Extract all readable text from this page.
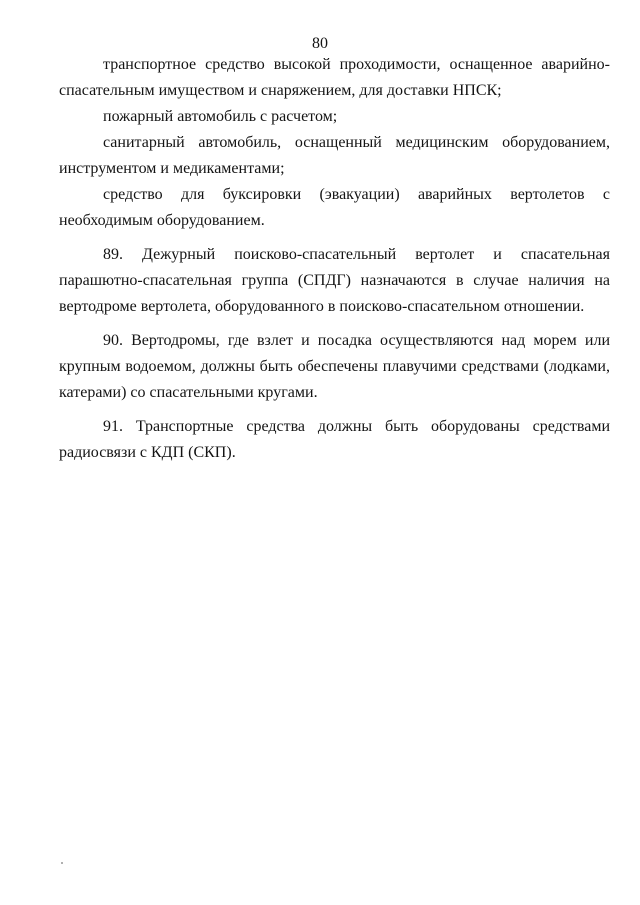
80

транспортное средство высокой проходимости, оснащенное аварийно-спасательным имуществом и снаряжением, для доставки НПСК;

пожарный автомобиль с расчетом;

санитарный автомобиль, оснащенный медицинским оборудованием, инструментом и медикаментами;

средство для буксировки (эвакуации) аварийных вертолетов с необходимым оборудованием.

89. Дежурный поисково-спасательный вертолет и спасательная парашютно-спасательная группа (СПДГ) назначаются в случае наличия на вертодроме вертолета, оборудованного в поисково-спасательном отношении.

90. Вертодромы, где взлет и посадка осуществляются над морем или крупным водоемом, должны быть обеспечены плавучими средствами (лодками, катерами) со спасательными кругами.

91. Транспортные средства должны быть оборудованы средствами радиосвязи с КДП (СКП).
